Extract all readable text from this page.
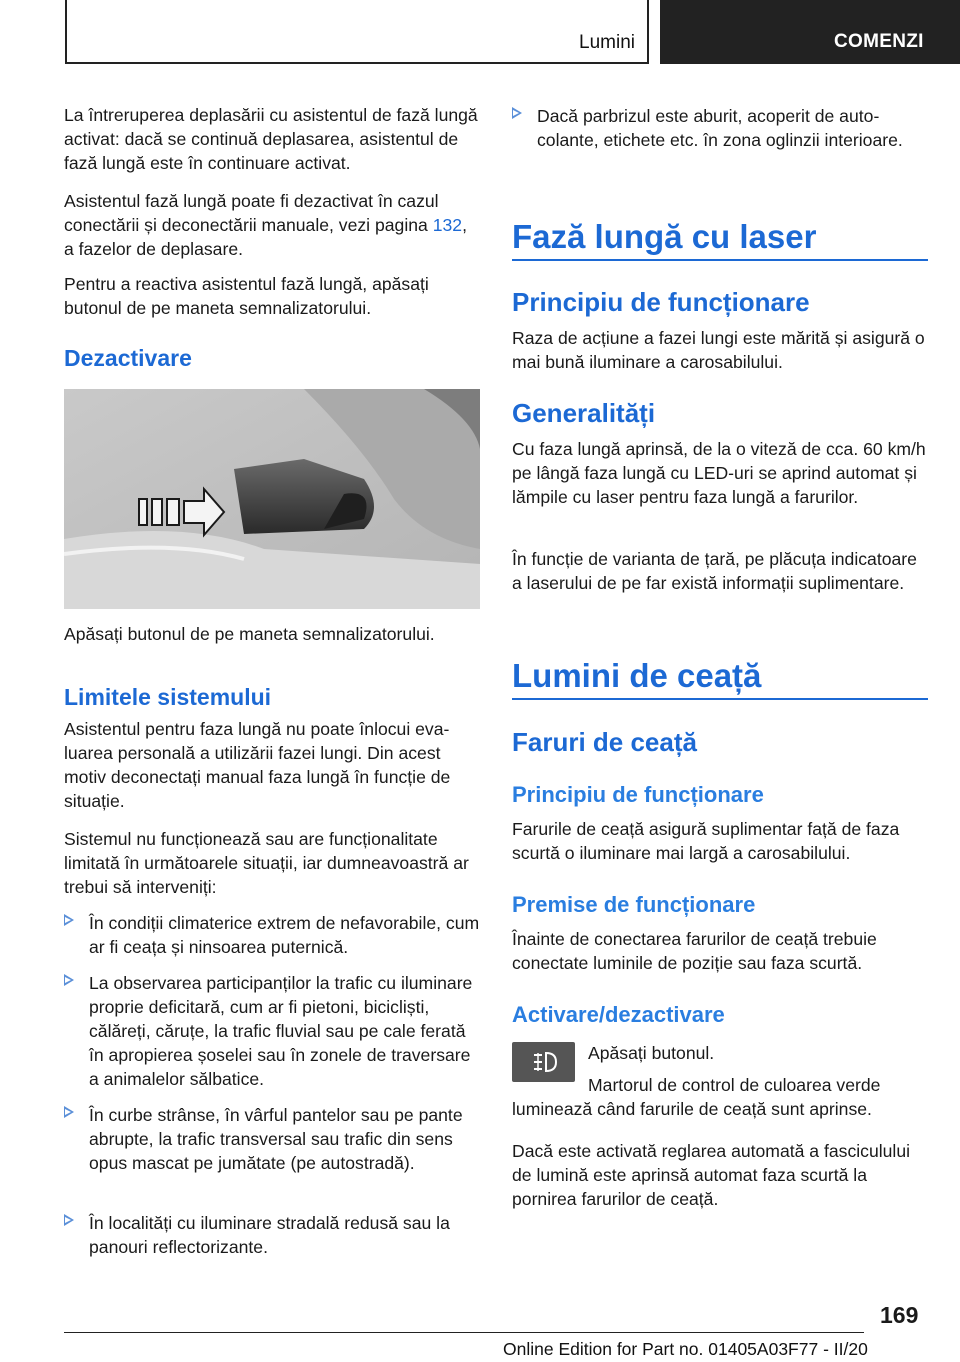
Lumini	COMENZI

La întreruperea deplasării cu asistentul de fază lungă activat: dacă se continuă deplasarea, asistentul de fază lungă este în continuare activat.

Asistentul fază lungă poate fi dezactivat în cazul conectării și deconectării manuale, vezi pagina 132, a fazelor de deplasare.

Pentru a reactiva asistentul fază lungă, apăsați butonul de pe maneta semnalizatorului.

Dezactivare

Apăsați butonul de pe maneta semnalizatorului.

Limitele sistemului

Asistentul pentru faza lungă nu poate înlocui evaluarea personală a utilizării fazei lungi. Din acest motiv deconectați manual faza lungă în funcție de situație.

Sistemul nu funcționează sau are funcționalitate limitată în următoarele situații, iar dumneavoastră ar trebui să interveniți:

În condiții climaterice extrem de nefavorabile, cum ar fi ceața și ninsoarea puternică.
La observarea participanților la trafic cu iluminare proprie deficitară, cum ar fi pietoni, bicicliști, călăreți, căruțe, la trafic fluvial sau pe cale ferată în apropierea șoselei sau în zonele de traversare a animalelor sălbatice.
În curbe strânse, în vârful pantelor sau pe pante abrupte, la trafic transversal sau trafic din sens opus mascat pe jumătate (pe autostradă).
În localități cu iluminare stradală redusă sau la panouri reflectorizante.
Dacă parbrizul este aburit, acoperit de autocolante, etichete etc. în zona oglinzii interioare.
Fază lungă cu laser
Principiu de funcționare

Raza de acțiune a fazei lungi este mărită și asigură o mai bună iluminare a carosabilului.

Generalități

Cu faza lungă aprinsă, de la o viteză de cca. 60 km/h pe lângă faza lungă cu LED-uri se aprind automat și lămpile cu laser pentru faza lungă a farurilor.

În funcție de varianta de țară, pe plăcuța indicatoare a laserului de pe far există informații suplimentare.

Lumini de ceață
Faruri de ceață
Principiu de funcționare

Farurile de ceață asigură suplimentar față de faza scurtă o iluminare mai largă a carosabilului.

Premise de funcționare

Înainte de conectarea farurilor de ceață trebuie conectate luminile de poziție sau faza scurtă.

Activare/dezactivare

Apăsați butonul.

Martorul de control de culoarea verde luminează când farurile de ceață sunt aprinse.

Dacă este activată reglarea automată a fasciculului de lumină este aprinsă automat faza scurtă la pornirea farurilor de ceață.

169
Online Edition for Part no. 01405A03F77 - II/20
